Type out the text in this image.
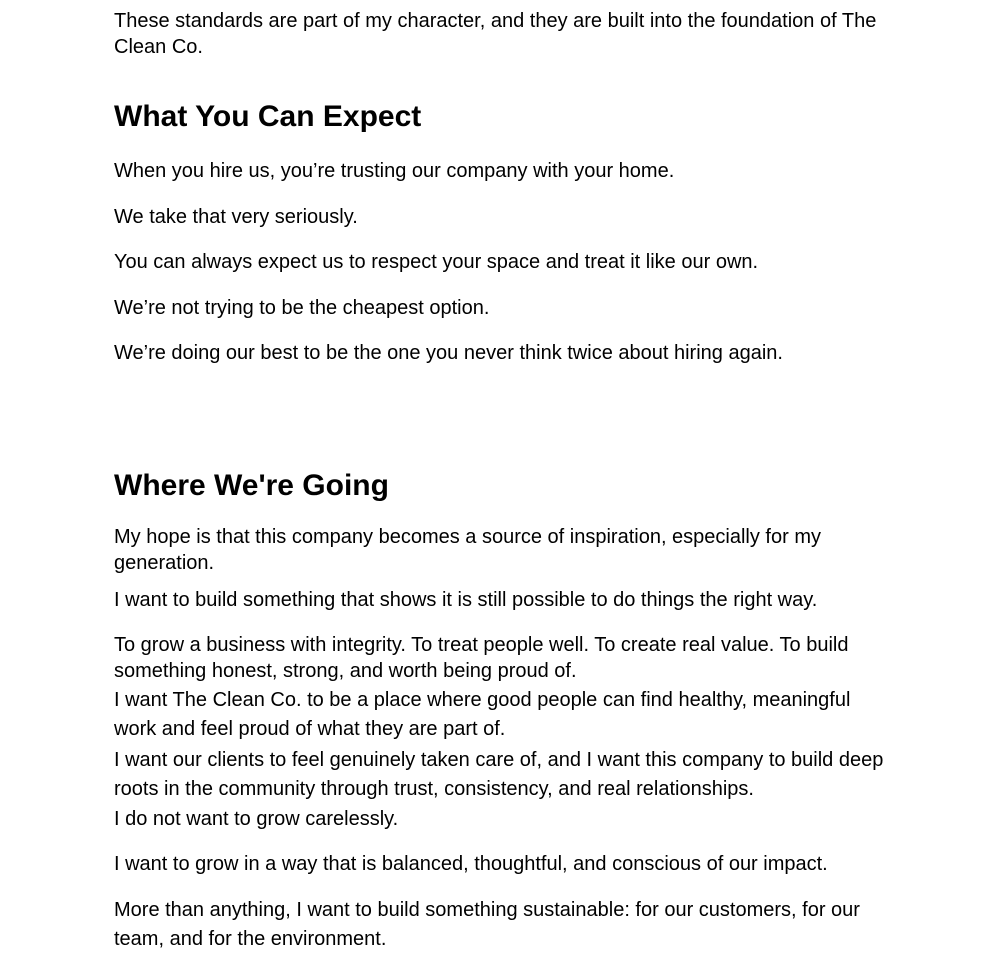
These standards are part of my character, and they are built into the foundation of The Clean Co.

What You Can Expect

When you hire us, you’re trusting our company with your home.

We take that very seriously.

You can always expect us to respect your space and treat it like our own.

We’re not trying to be the cheapest option.

We’re doing our best to be the one you never think twice about hiring again.

Where We're Going

My hope is that this company becomes a source of inspiration, especially for my generation.

I want to build something that shows it is still possible to do things the right way.

To grow a business with integrity. To treat people well. To create real value. To build something honest, strong, and worth being proud of.

I want The Clean Co. to be a place where good people can find healthy, meaningful work and feel proud of what they are part of.

I want our clients to feel genuinely taken care of, and I want this company to build deep roots in the community through trust, consistency, and real relationships.

I do not want to grow carelessly.

I want to grow in a way that is balanced, thoughtful, and conscious of our impact.

More than anything, I want to build something sustainable: for our customers, for our team, and for the environment.
